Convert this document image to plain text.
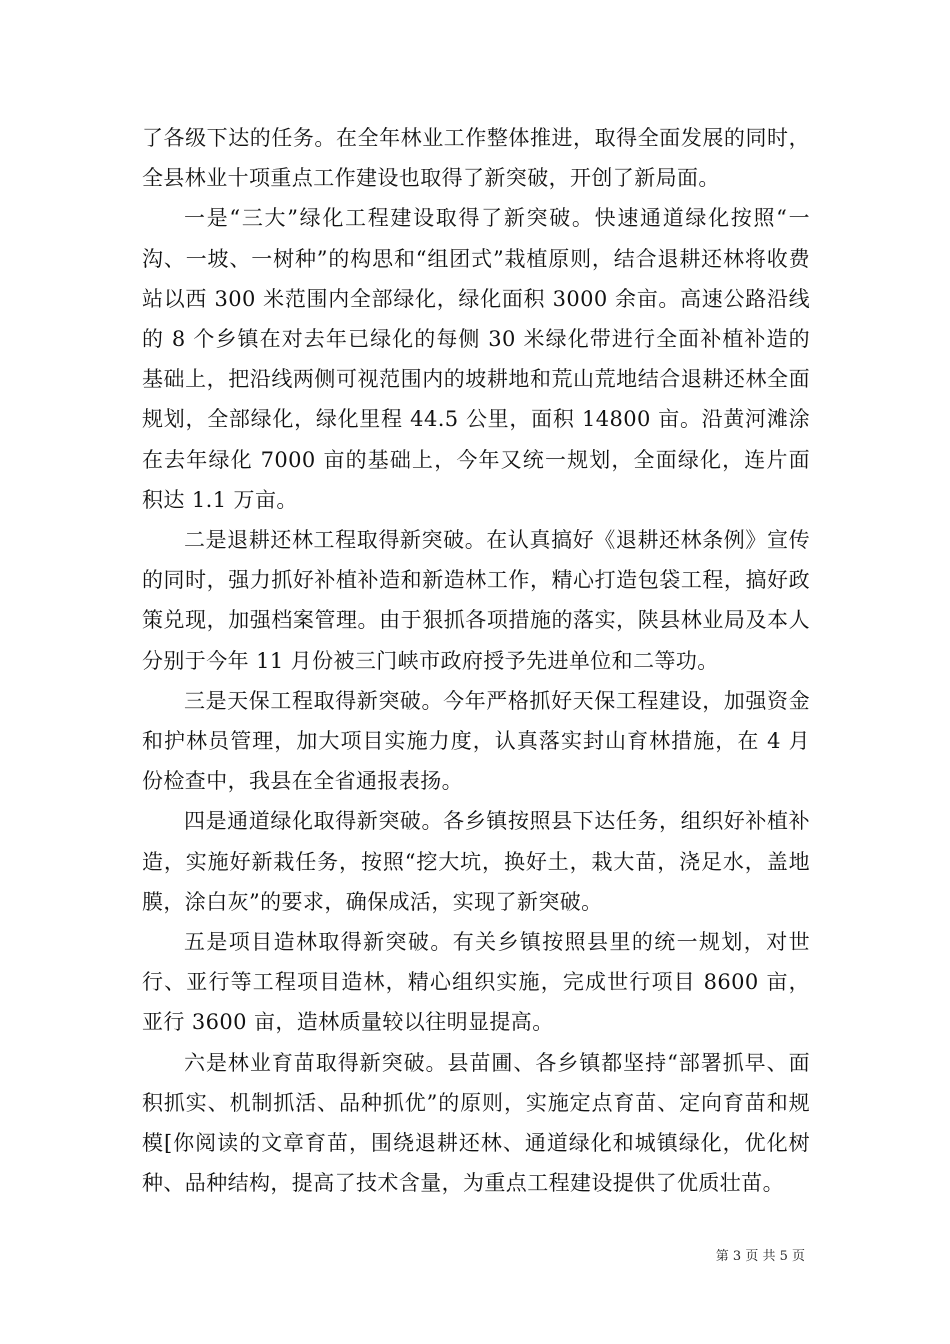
了各级下达的任务。在全年林业工作整体推进，取得全面发展的同时，全县林业十项重点工作建设也取得了新突破，开创了新局面。

一是“三大”绿化工程建设取得了新突破。快速通道绿化按照“一沟、一坡、一树种”的构思和“组团式”栽植原则，结合退耕还林将收费站以西 300 米范围内全部绿化，绿化面积 3000 余亩。高速公路沿线的 8 个乡镇在对去年已绿化的每侧 30 米绿化带进行全面补植补造的基础上，把沿线两侧可视范围内的坡耕地和荒山荒地结合退耕还林全面规划，全部绿化，绿化里程 44.5 公里，面积 14800 亩。沿黄河滩涂在去年绿化 7000 亩的基础上，今年又统一规划，全面绿化，连片面积达 1.1 万亩。

二是退耕还林工程取得新突破。在认真搞好《退耕还林条例》宣传的同时，强力抓好补植补造和新造林工作，精心打造包袋工程，搞好政策兑现，加强档案管理。由于狠抓各项措施的落实，陕县林业局及本人分别于今年 11 月份被三门峡市政府授予先进单位和二等功。

三是天保工程取得新突破。今年严格抓好天保工程建设，加强资金和护林员管理，加大项目实施力度，认真落实封山育林措施，在 4 月份检查中，我县在全省通报表扬。

四是通道绿化取得新突破。各乡镇按照县下达任务，组织好补植补造，实施好新栽任务，按照“挖大坑，换好土，栽大苗，浇足水，盖地膜，涂白灰”的要求，确保成活，实现了新突破。

五是项目造林取得新突破。有关乡镇按照县里的统一规划，对世行、亚行等工程项目造林，精心组织实施，完成世行项目 8600 亩，亚行 3600 亩，造林质量较以往明显提高。

六是林业育苗取得新突破。县苗圃、各乡镇都坚持“部署抓早、面积抓实、机制抓活、品种抓优”的原则，实施定点育苗、定向育苗和规模[你阅读的文章育苗，围绕退耕还林、通道绿化和城镇绿化，优化树种、品种结构，提高了技术含量，为重点工程建设提供了优质壮苗。

第 3 页 共 5 页
